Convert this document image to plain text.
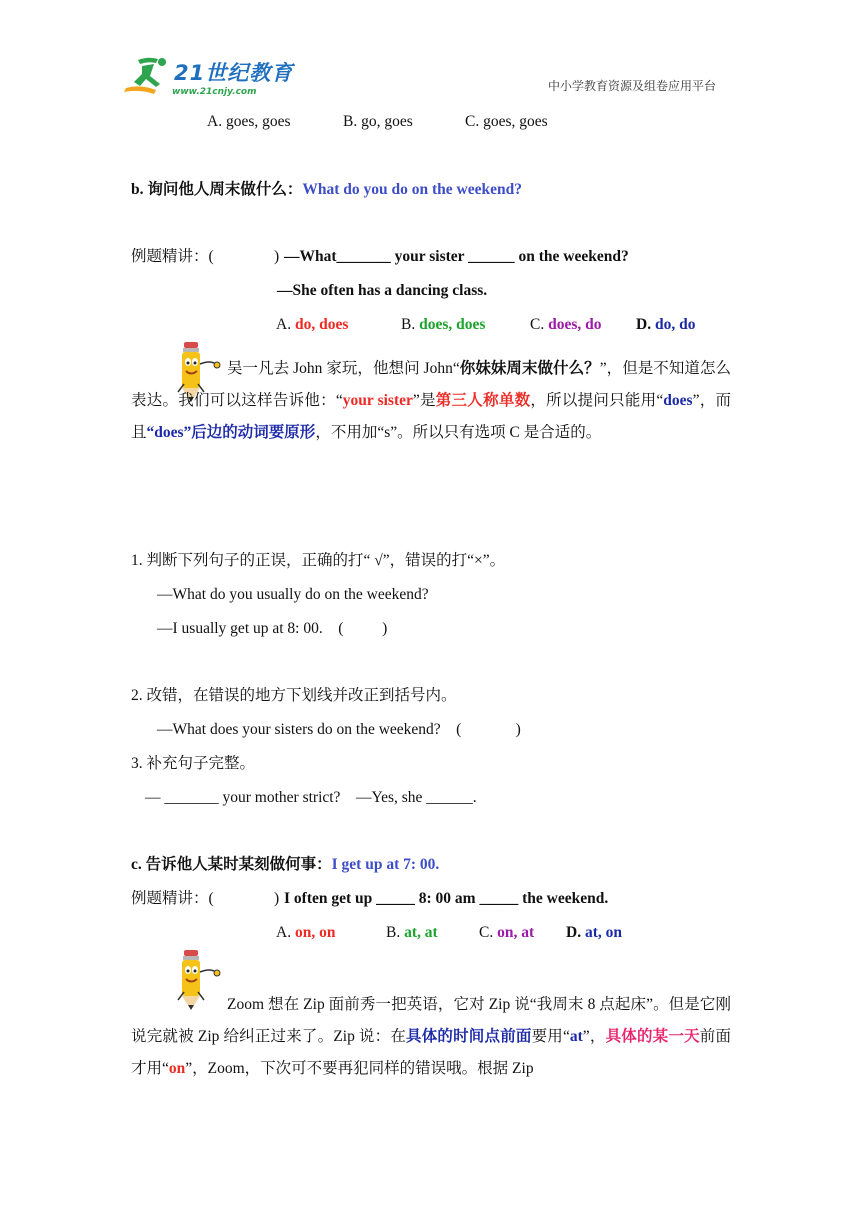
21世纪教育
www.21cnjy.com	中小学教育资源及组卷应用平台
A. goes, goes	B. go, goes	C. goes, goes
b. 询问他人周末做什么：What do you do on the weekend?
例题精讲：(	) —What_______ your sister ______ on the weekend?
—She often has a dancing class.
A. do, does	B. does, does	C. does, do D. do, do

吴一凡去 John 家玩，他想问 John“你妹妹周末做什么？”，但是不知道怎么表达。我们可以这样告诉他：“your sister”是第三人称单数，所以提问只能用“does”，而且“does”后边的动词要原形，不用加“s”。所以只有选项 C 是合适的。

1. 判断下列句子的正误，正确的打“ √”，错误的打“×”。
—What do you usually do on the weekend?
—I usually get up at 8: 00.    (          )
2. 改错，在错误的地方下划线并改正到括号内。
—What does your sisters do on the weekend?    (              )
3. 补充句子完整。
— _______ your mother strict?    —Yes, she ______.
c. 告诉他人某时某刻做何事：I get up at 7: 00.
例题精讲：(	) I often get up _____ 8: 00 am _____ the weekend.
A. on, on	B. at, at	C. on, at D. at, on

Zoom 想在 Zip 面前秀一把英语，它对 Zip 说“我周末 8 点起床”。但是它刚说完就被 Zip 给纠正过来了。Zip 说：在具体的时间点前面要用“at”，具体的某一天前面才用“on”，Zoom，下次可不要再犯同样的错误哦。根据 Zip
